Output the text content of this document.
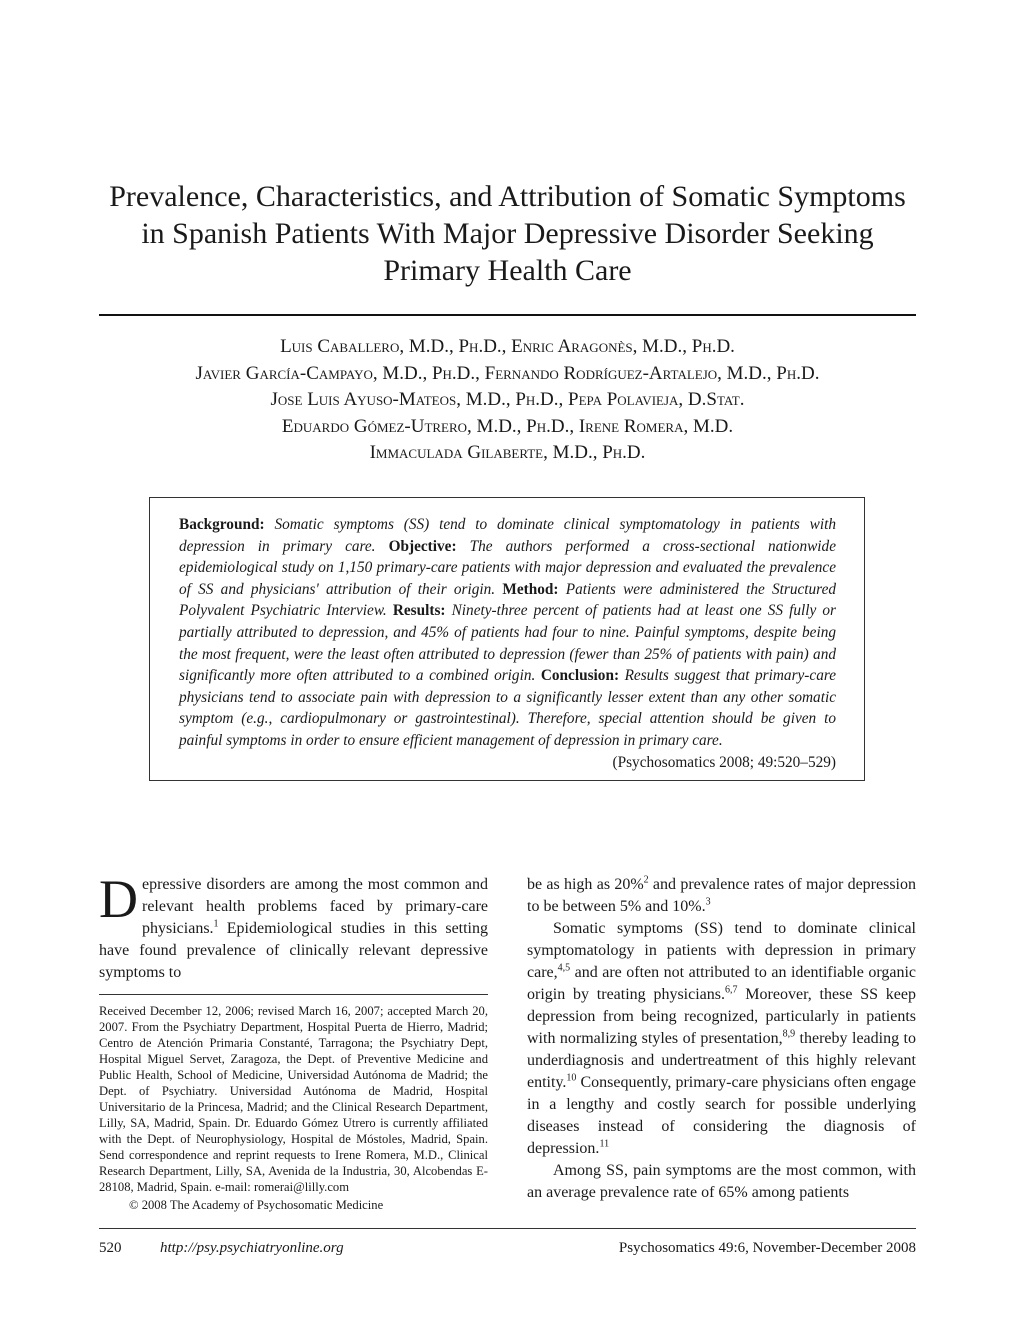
Prevalence, Characteristics, and Attribution of Somatic Symptoms in Spanish Patients With Major Depressive Disorder Seeking Primary Health Care
Luis Caballero, M.D., Ph.D., Enric Aragonès, M.D., Ph.D.
Javier García-Campayo, M.D., Ph.D., Fernando Rodríguez-Artalejo, M.D., Ph.D.
Jose Luis Ayuso-Mateos, M.D., Ph.D., Pepa Polavieja, D.Stat.
Eduardo Gómez-Utrero, M.D., Ph.D., Irene Romera, M.D.
Immaculada Gilaberte, M.D., Ph.D.
Background: Somatic symptoms (SS) tend to dominate clinical symptomatology in patients with depression in primary care. Objective: The authors performed a cross-sectional nationwide epidemiological study on 1,150 primary-care patients with major depression and evaluated the prevalence of SS and physicians' attribution of their origin. Method: Patients were administered the Structured Polyvalent Psychiatric Interview. Results: Ninety-three percent of patients had at least one SS fully or partially attributed to depression, and 45% of patients had four to nine. Painful symptoms, despite being the most frequent, were the least often attributed to depression (fewer than 25% of patients with pain) and significantly more often attributed to a combined origin. Conclusion: Results suggest that primary-care physicians tend to associate pain with depression to a significantly lesser extent than any other somatic symptom (e.g., cardiopulmonary or gastrointestinal). Therefore, special attention should be given to painful symptoms in order to ensure efficient management of depression in primary care.
(Psychosomatics 2008; 49:520–529)

Depressive disorders are among the most common and relevant health problems faced by primary-care physicians.$^1$ Epidemiological studies in this setting have found prevalence of clinically relevant depressive symptoms to

Received December 12, 2006; revised March 16, 2007; accepted March 20, 2007. From the Psychiatry Department, Hospital Puerta de Hierro, Madrid; Centro de Atención Primaria Constanté, Tarragona; the Psychiatry Dept, Hospital Miguel Servet, Zaragoza, the Dept. of Preventive Medicine and Public Health, School of Medicine, Universidad Autónoma de Madrid; the Dept. of Psychiatry. Universidad Autónoma de Madrid, Hospital Universitario de la Princesa, Madrid; and the Clinical Research Department, Lilly, SA, Madrid, Spain. Dr. Eduardo Gómez Utrero is currently affiliated with the Dept. of Neurophysiology, Hospital de Móstoles, Madrid, Spain. Send correspondence and reprint requests to Irene Romera, M.D., Clinical Research Department, Lilly, SA, Avenida de la Industria, 30, Alcobendas E-28108, Madrid, Spain. e-mail: romerai@lilly.com
© 2008 The Academy of Psychosomatic Medicine

be as high as 20%$^2$ and prevalence rates of major depression to be between 5% and 10%.$^3$

Somatic symptoms (SS) tend to dominate clinical symptomatology in patients with depression in primary care,$^{4,5}$ and are often not attributed to an identifiable organic origin by treating physicians.$^{6,7}$ Moreover, these SS keep depression from being recognized, particularly in patients with normalizing styles of presentation,$^{8,9}$ thereby leading to underdiagnosis and undertreatment of this highly relevant entity.$^{10}$ Consequently, primary-care physicians often engage in a lengthy and costly search for possible underlying diseases instead of considering the diagnosis of depression.$^{11}$

Among SS, pain symptoms are the most common, with an average prevalence rate of 65% among patients

520	http://psy.psychiatryonline.org	Psychosomatics 49:6, November-December 2008
